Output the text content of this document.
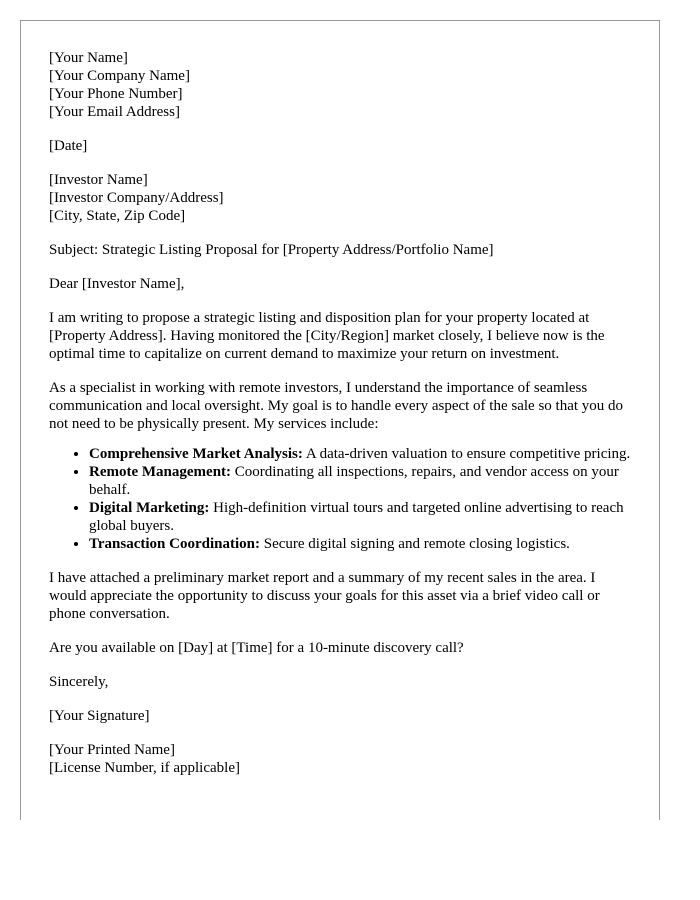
[Your Name]
[Your Company Name]
[Your Phone Number]
[Your Email Address]
[Date]
[Investor Name]
[Investor Company/Address]
[City, State, Zip Code]

Subject: Strategic Listing Proposal for [Property Address/Portfolio Name]

Dear [Investor Name],

I am writing to propose a strategic listing and disposition plan for your property located at [Property Address]. Having monitored the [City/Region] market closely, I believe now is the optimal time to capitalize on current demand to maximize your return on investment.

As a specialist in working with remote investors, I understand the importance of seamless communication and local oversight. My goal is to handle every aspect of the sale so that you do not need to be physically present. My services include:

• Comprehensive Market Analysis: A data-driven valuation to ensure competitive pricing.
• Remote Management: Coordinating all inspections, repairs, and vendor access on your behalf.
• Digital Marketing: High-definition virtual tours and targeted online advertising to reach global buyers.
• Transaction Coordination: Secure digital signing and remote closing logistics.

I have attached a preliminary market report and a summary of my recent sales in the area. I would appreciate the opportunity to discuss your goals for this asset via a brief video call or phone conversation.

Are you available on [Day] at [Time] for a 10-minute discovery call?

Sincerely,

[Your Signature]

[Your Printed Name]
[License Number, if applicable]
